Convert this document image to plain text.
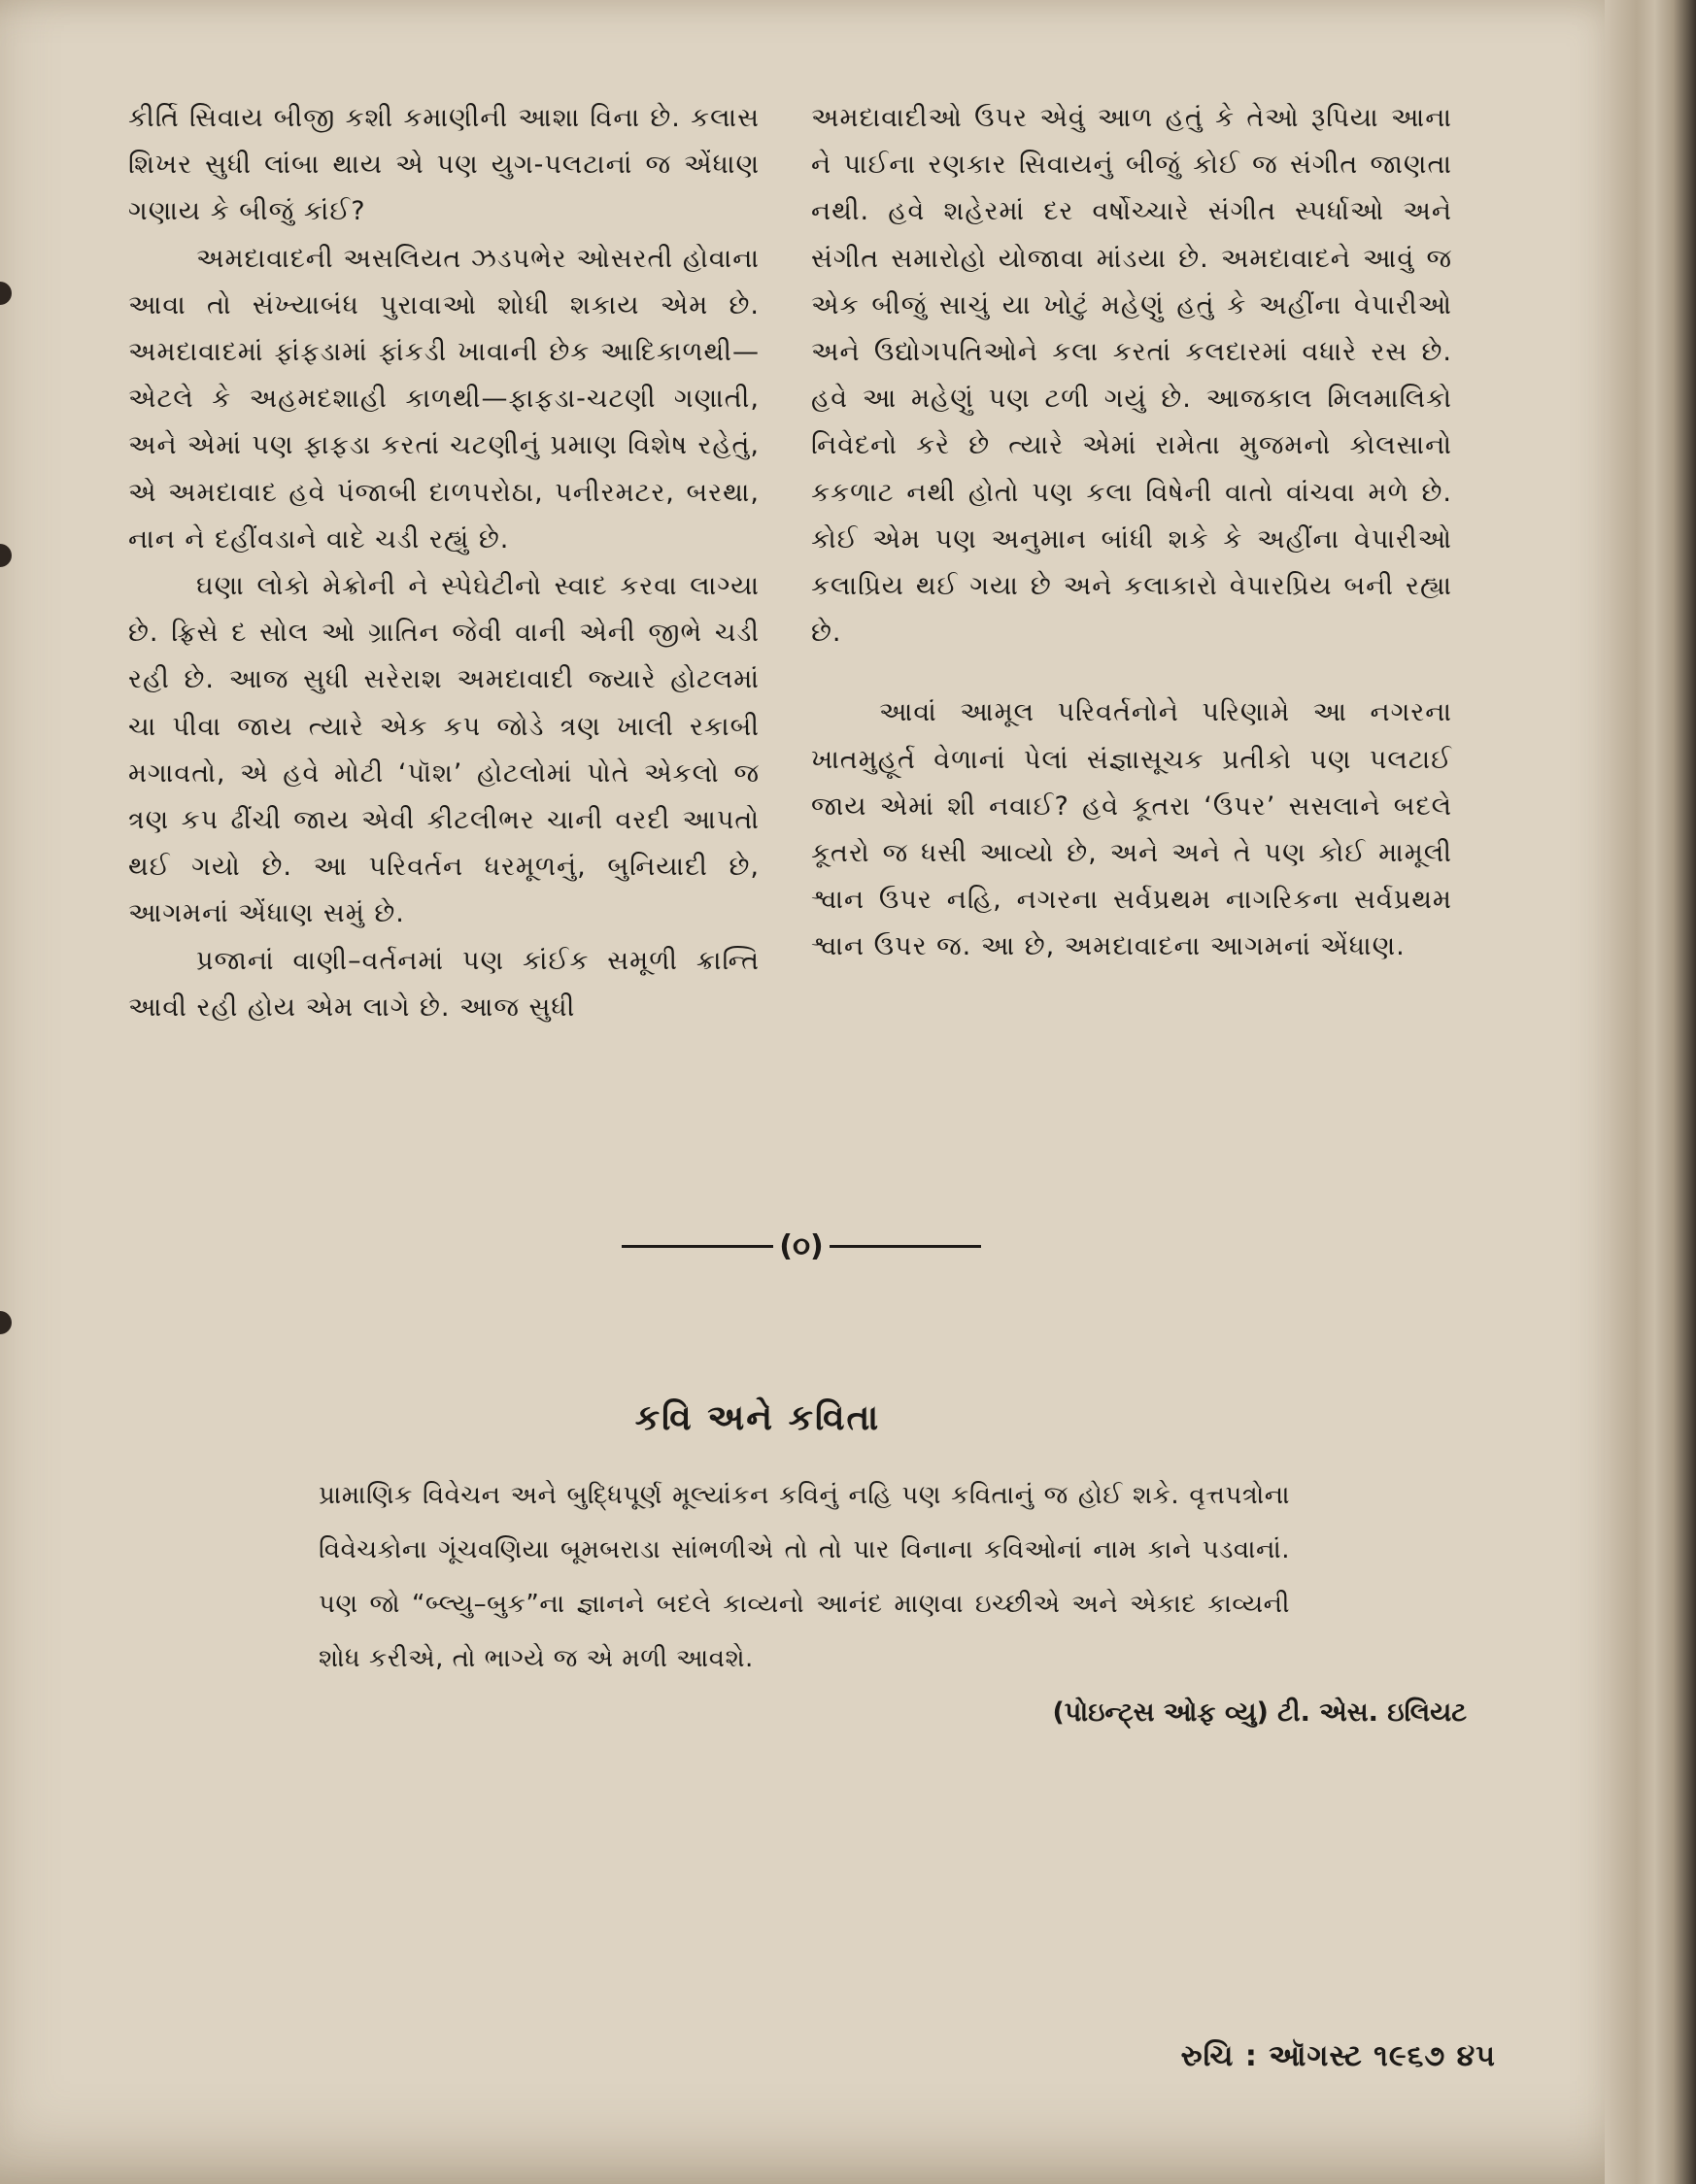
કીર્તિ સિવાય બીજી કશી કમાણીની આશા વિના છે. કલાસ શિખર સુધી લાંબા થાય એ પણ યુગ-પલટાનાં જ એંધાણ ગણાય કે બીજું કાંઈ?

અમદાવાદની અસલિયત ઝડપભેર ઓસરતી હોવાના આવા તો સંખ્યાબંધ પુરાવાઓ શોધી શકાય એમ છે. અમદાવાદમાં ફાંફડામાં ફાંકડી ખાવાની છેક આદિકાળથી—એટલે કે અહમદશાહી કાળથી—ફાફડા-ચટણી ગણાતી, અને એમાં પણ ફાફડા કરતાં ચટણીનું પ્રમાણ વિશેષ રહેતું, એ અમદાવાદ હવે પંજાબી દાળપરોઠા, પનીરમટર, બરથા, નાન ને દહીંવડાને વાદે ચડી રહ્યું છે.

ઘણા લોકો મેક્રોની ને સ્પેઘેટીનો સ્વાદ કરવા લાગ્યા છે. ફ્રિસે દ સોલ ઓ ગ્રાતિન જેવી વાની એની જીભે ચડી રહી છે. આજ સુધી સરેરાશ અમદાવાદી જ્યારે હોટલમાં ચા પીવા જાય ત્યારે એક કપ જોડે ત્રણ ખાલી રકાબી મગાવતો, એ હવે મોટી ‘પૉશ’ હોટલોમાં પોતે એકલો જ ત્રણ કપ ઢીંચી જાય એવી કીટલીભર ચાની વરદી આપતો થઈ ગયો છે. આ પરિવર્તન ધરમૂળનું, બુનિયાદી છે, આગમનાં એંધાણ સમું છે.

પ્રજાનાં વાણી–વર્તનમાં પણ કાંઈક સમૂળી ક્રાન્તિ આવી રહી હોય એમ લાગે છે. આજ સુધી

અમદાવાદીઓ ઉપર એવું આળ હતું કે તેઓ રૂપિયા આના ને પાઈના રણકાર સિવાયનું બીજું કોઈ જ સંગીત જાણતા નથી. હવે શહેરમાં દર વર્ષોચ્ચારે સંગીત સ્પર્ધાઓ અને સંગીત સમારોહો યોજાવા માંડયા છે. અમદાવાદને આવું જ એક બીજું સાચું યા ખોટું મહેણું હતું કે અહીંના વેપારીઓ અને ઉદ્યોગપતિઓને કલા કરતાં કલદારમાં વધારે રસ છે. હવે આ મહેણું પણ ટળી ગયું છે. આજકાલ મિલમાલિકો નિવેદનો કરે છે ત્યારે એમાં રામેતા મુજમનો કોલસાનો કકળાટ નથી હોતો પણ કલા વિષેની વાતો વાંચવા મળે છે. કોઈ એમ પણ અનુમાન બાંધી શકે કે અહીંના વેપારીઓ કલાપ્રિય થઈ ગયા છે અને કલાકારો વેપારપ્રિય બની રહ્યા છે.

આવાં આમૂલ પરિવર્તનોને પરિણામે આ નગરના ખાતમુહૂર્ત વેળાનાં પેલાં સંજ્ઞાસૂચક પ્રતીકો પણ પલટાઈ જાય એમાં શી નવાઈ? હવે કૂતરા ‘ઉપર’ સસલાને બદલે કૂતરો જ ધસી આવ્યો છે, અને અને તે પણ કોઈ મામૂલી શ્વાન ઉપર નહિ, નગરના સર્વપ્રથમ નાગરિકના સર્વપ્રથમ શ્વાન ઉપર જ. આ છે, અમદાવાદના આગમનાં એંધાણ.

(૦)
કવિ અને કવિતા

પ્રામાણિક વિવેચન અને બુદ્ધિપૂર્ણ મૂલ્યાંકન કવિનું નહિ પણ કવિતાનું જ હોઈ શકે. વૃત્તપત્રોના વિવેચકોના ગૂંચવણિયા બૂમબરાડા સાંભળીએ તો તો પાર વિનાના કવિઓનાં નામ કાને પડવાનાં. પણ જો “બ્લ્યુ–બુક”ના જ્ઞાનને બદલે કાવ્યનો આનંદ માણવા ઇચ્છીએ અને એકાદ કાવ્યની શોધ કરીએ, તો ભાગ્યે જ એ મળી આવશે.

(પોઇન્ટ્સ ઓફ વ્યુ) ટી. એસ. ઇલિયટ
રુચિ : ઑગસ્ટ ૧૯૬૭ ૪૫
